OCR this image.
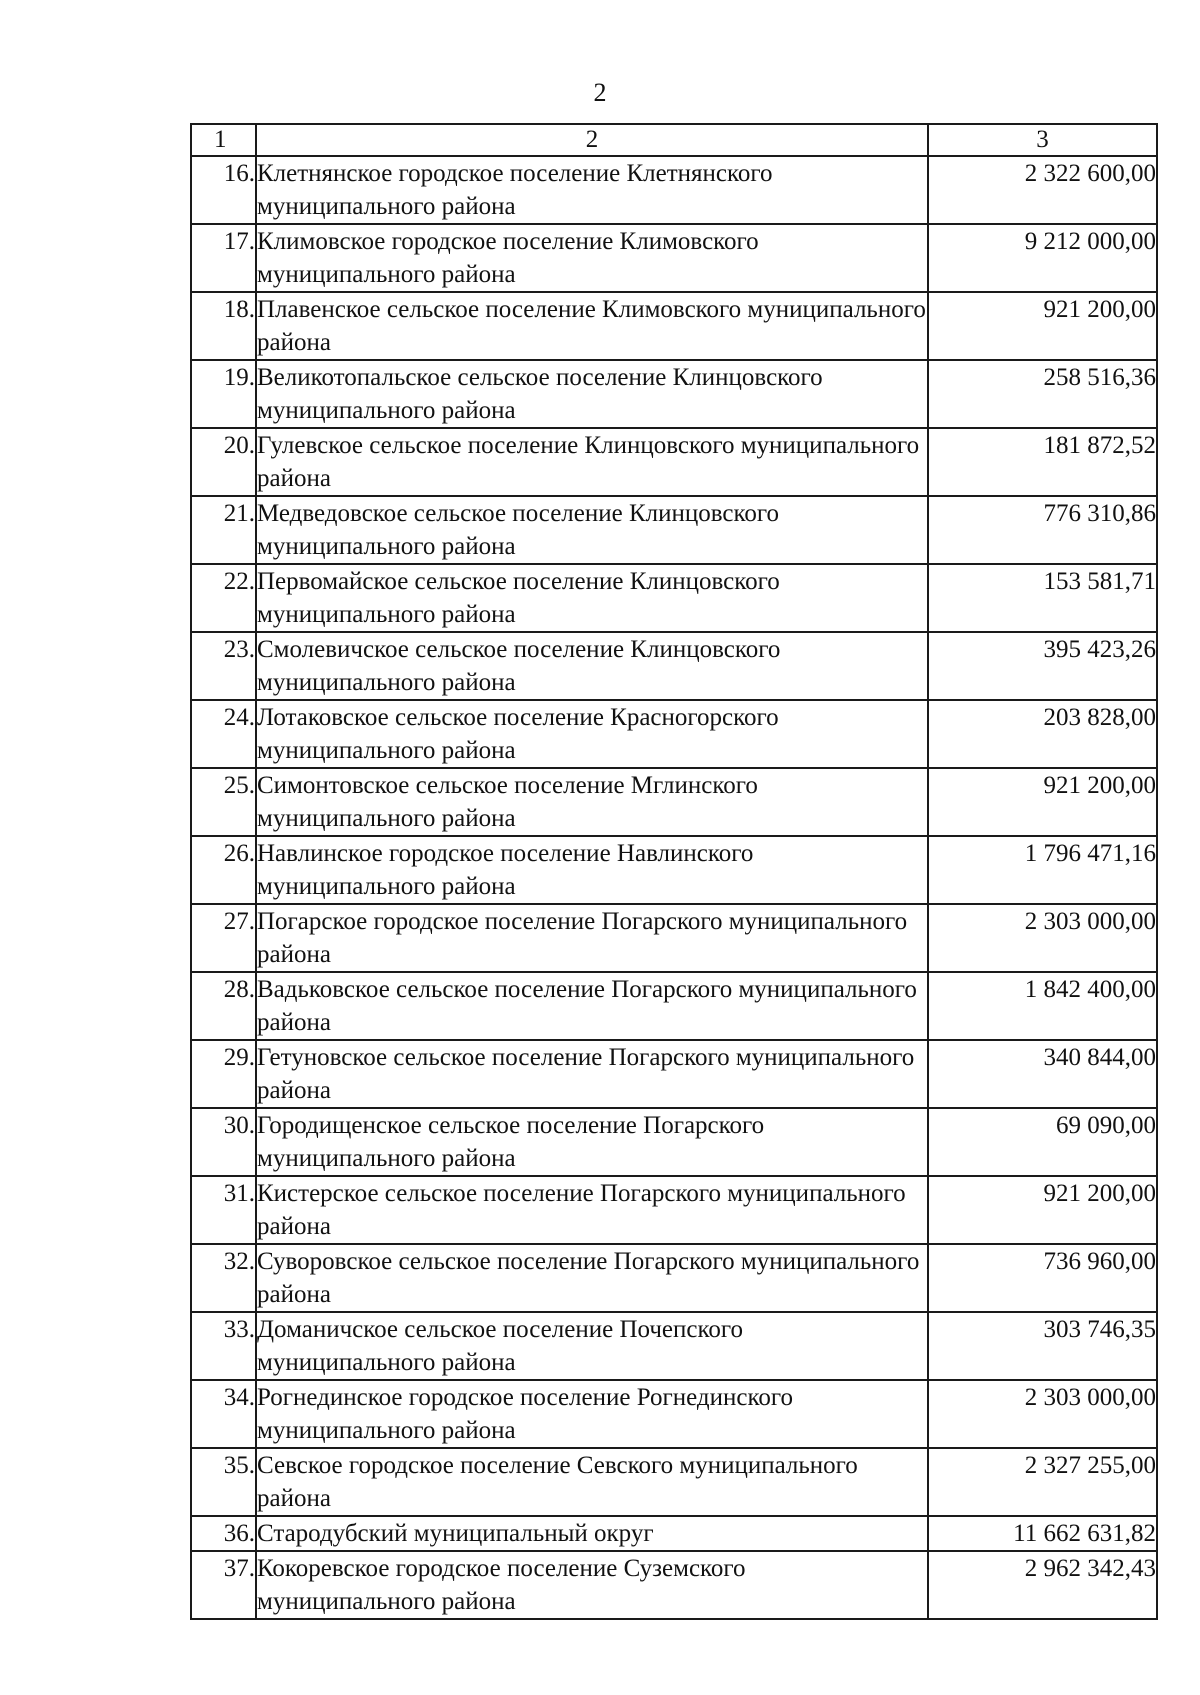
2
1	2	3
16.	Клетнянское городское поселение Клетнянского муниципального района	2 322 600,00
17.	Климовское городское поселение Климовского муниципального района	9 212 000,00
18.	Плавенское сельское поселение Климовского муниципального района	921 200,00
19.	Великотопальское сельское поселение Клинцовского муниципального района	258 516,36
20.	Гулевское сельское поселение Клинцовского муниципального района	181 872,52
21.	Медведовское сельское поселение Клинцовского муниципального района	776 310,86
22.	Первомайское сельское поселение Клинцовского муниципального района	153 581,71
23.	Смолевичское сельское поселение Клинцовского муниципального района	395 423,26
24.	Лотаковское сельское поселение Красногорского муниципального района	203 828,00
25.	Симонтовское сельское поселение Мглинского муниципального района	921 200,00
26.	Навлинское городское поселение Навлинского муниципального района	1 796 471,16
27.	Погарское городское поселение Погарского муниципального района	2 303 000,00
28.	Вадьковское сельское поселение Погарского муниципального района	1 842 400,00
29.	Гетуновское сельское поселение Погарского муниципального района	340 844,00
30.	Городищенское сельское поселение Погарского муниципального района	69 090,00
31.	Кистерское сельское поселение Погарского муниципального района	921 200,00
32.	Суворовское сельское поселение Погарского муниципального района	736 960,00
33.	Доманичское сельское поселение Почепского муниципального района	303 746,35
34.	Рогнединское городское поселение Рогнединского муниципального района	2 303 000,00
35.	Севское городское поселение Севского муниципального района	2 327 255,00
36.	Стародубский муниципальный округ	11 662 631,82
37.	Кокоревское городское поселение Суземского муниципального района	2 962 342,43
